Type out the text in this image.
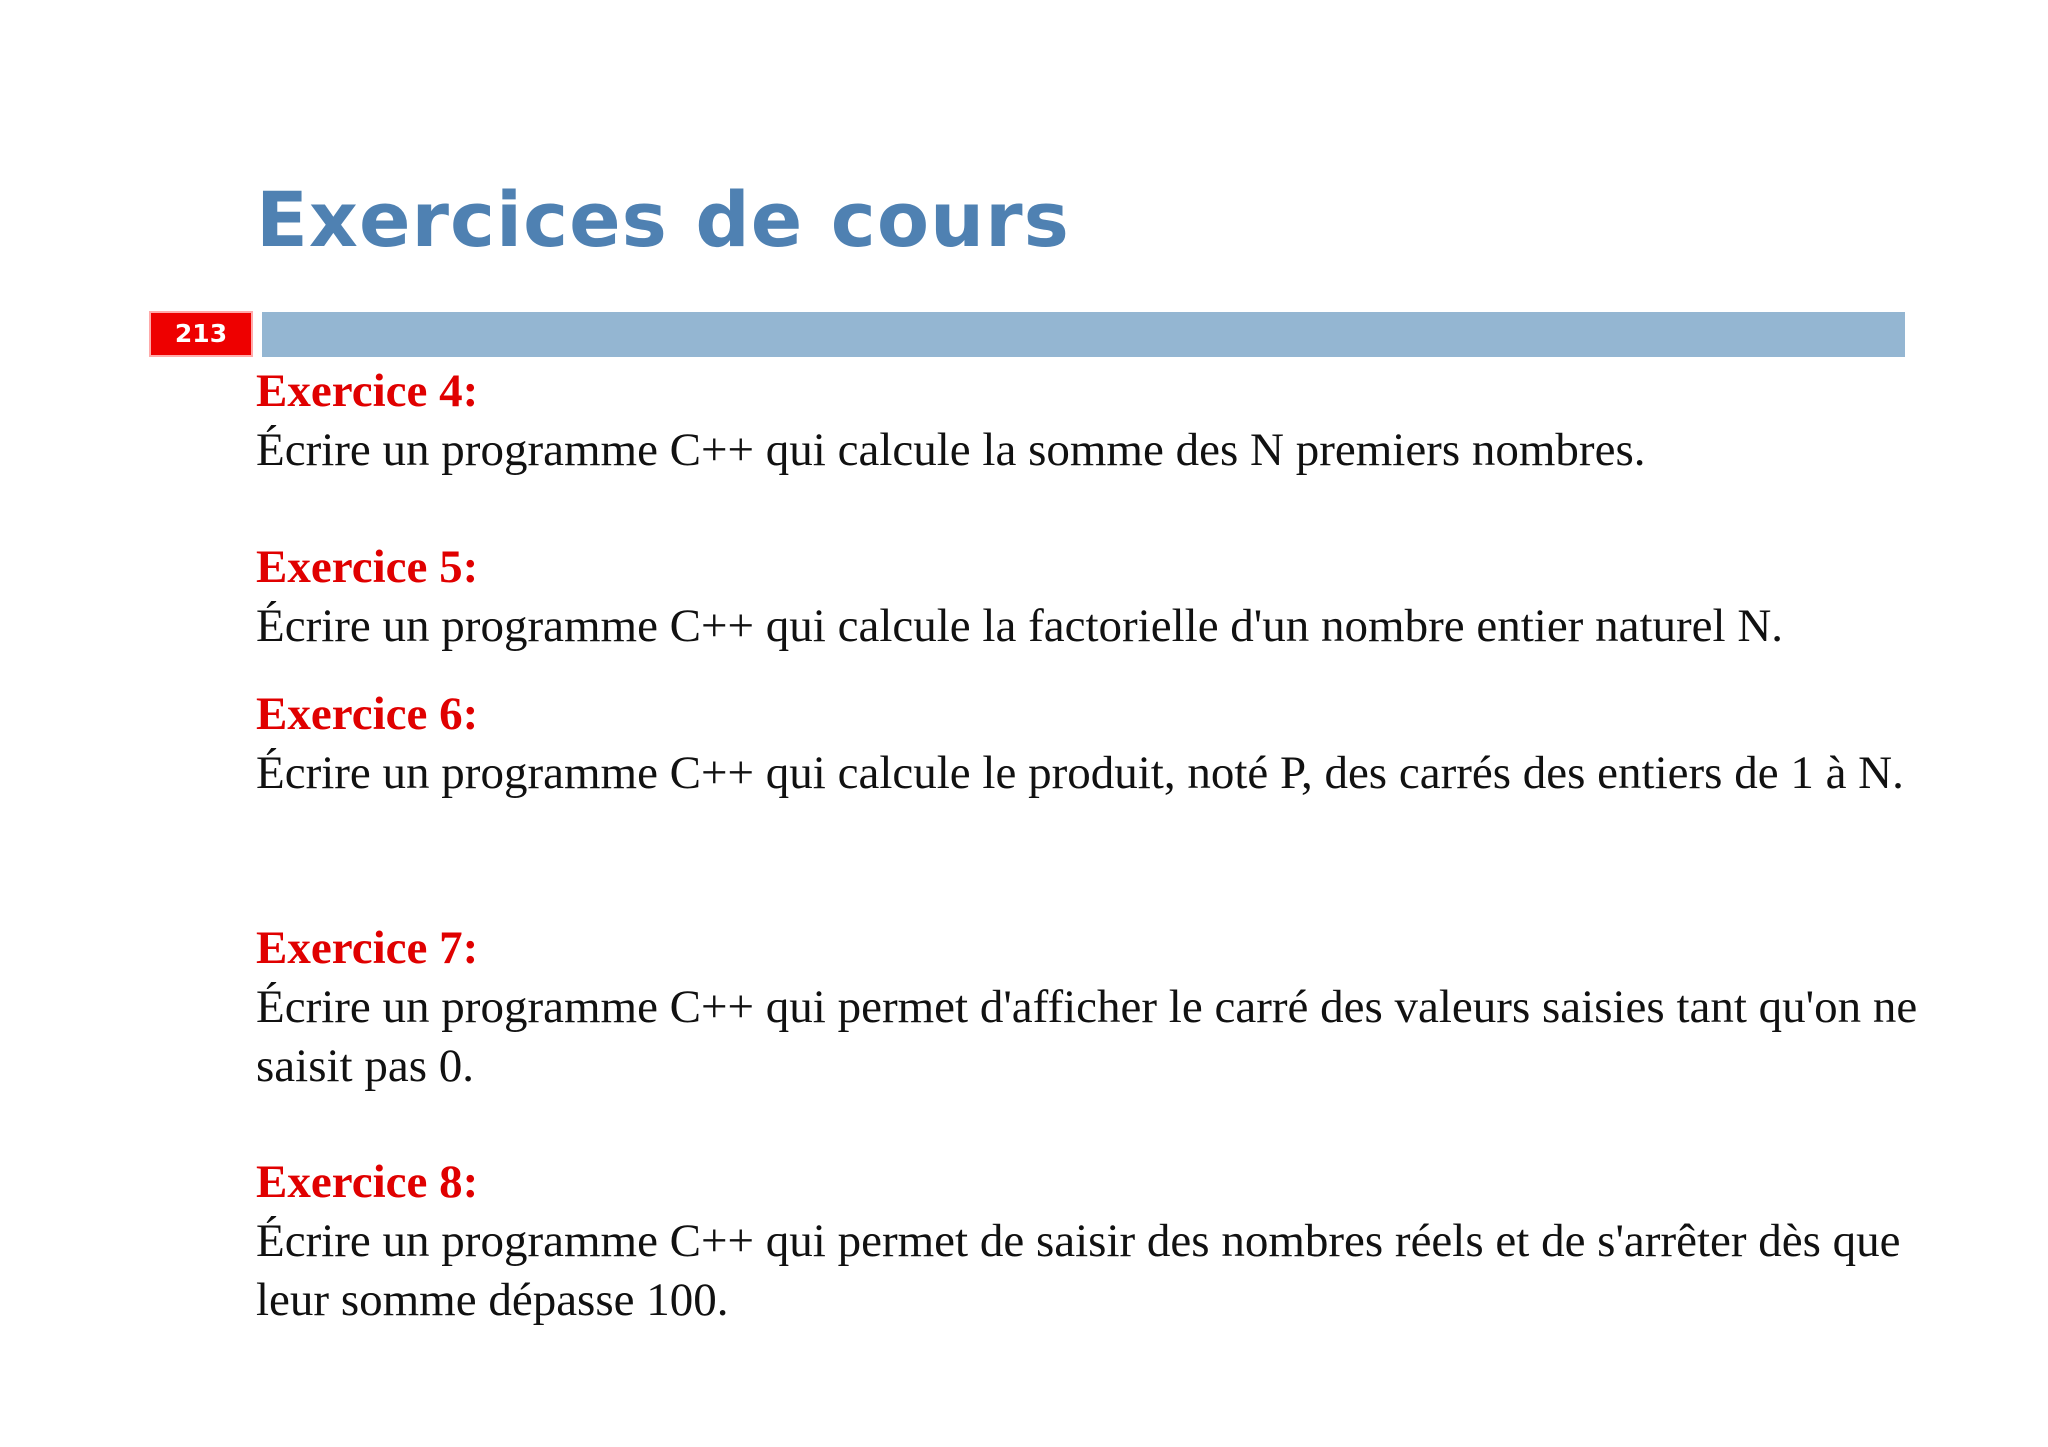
Exercices de cours
213
Exercice 4:
Écrire un programme C++ qui calcule la somme des N premiers nombres.
Exercice 5:
Écrire un programme C++ qui calcule la factorielle d'un nombre entier naturel N.
Exercice 6:
Écrire un programme C++ qui calcule le produit, noté P, des carrés des entiers de 1 à N.
Exercice 7:
Écrire un programme C++ qui permet d'afficher le carré des valeurs saisies tant qu'on ne saisit pas 0.
Exercice 8:
Écrire un programme C++ qui permet de saisir des nombres réels et de s'arrêter dès que leur somme dépasse 100.
